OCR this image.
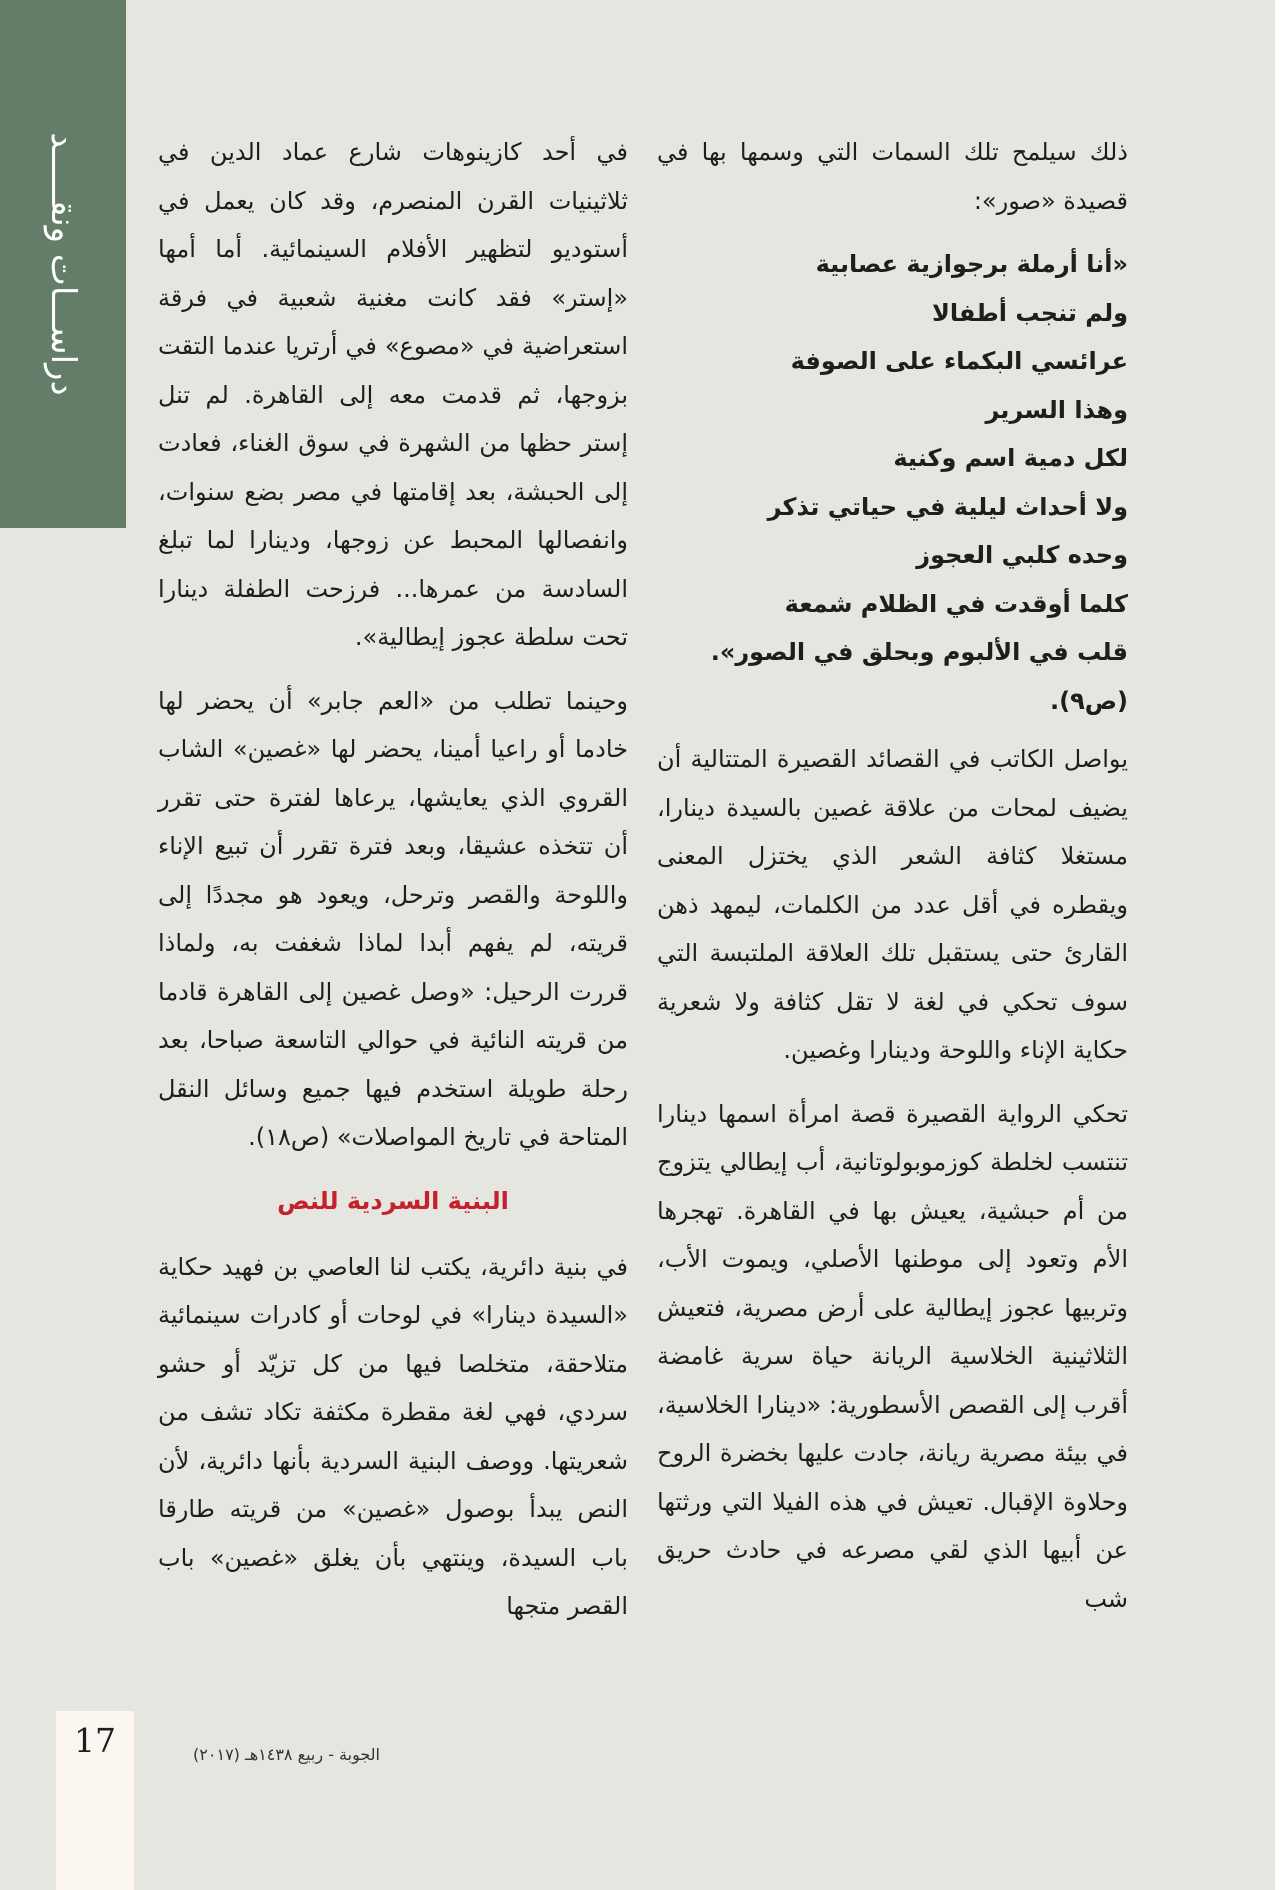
دراســـات ونقـــــد	ذلك سيلمح تلك السمات التي وسمها بها في قصيدة «صور»:

«أنا أرملة برجوازية عصابية
ولم تنجب أطفالا
عرائسي البكماء على الصوفة
وهذا السرير
لكل دمية اسم وكنية
ولا أحداث ليلية في حياتي تذكر
وحده كلبي العجوز
كلما أوقدت في الظلام شمعة
قلب في الألبوم وبحلق في الصور».
(ص٩).

يواصل الكاتب في القصائد القصيرة المتتالية أن يضيف لمحات من علاقة غصين بالسيدة دينارا، مستغلا كثافة الشعر الذي يختزل المعنى ويقطره في أقل عدد من الكلمات، ليمهد ذهن القارئ حتى يستقبل تلك العلاقة الملتبسة التي سوف تحكي في لغة لا تقل كثافة ولا شعرية حكاية الإناء واللوحة ودينارا وغصين.

تحكي الرواية القصيرة قصة امرأة اسمها دينارا تنتسب لخلطة كوزموبولوتانية، أب إيطالي يتزوج من أم حبشية، يعيش بها في القاهرة. تهجرها الأم وتعود إلى موطنها الأصلي، ويموت الأب، وتربيها عجوز إيطالية على أرض مصرية، فتعيش الثلاثينية الخلاسية الريانة حياة سرية غامضة أقرب إلى القصص الأسطورية: «دينارا الخلاسية، في بيئة مصرية ريانة، جادت عليها بخضرة الروح وحلاوة الإقبال. تعيش في هذه الفيلا التي ورثتها عن أبيها الذي لقي مصرعه في حادث حريق شب

في أحد كازينوهات شارع عماد الدين في ثلاثينيات القرن المنصرم، وقد كان يعمل في أستوديو لتظهير الأفلام السينمائية. أما أمها «إستر» فقد كانت مغنية شعبية في فرقة استعراضية في «مصوع» في أرتريا عندما التقت بزوجها، ثم قدمت معه إلى القاهرة. لم تنل إستر حظها من الشهرة في سوق الغناء، فعادت إلى الحبشة، بعد إقامتها في مصر بضع سنوات، وانفصالها المحبط عن زوجها، ودينارا لما تبلغ السادسة من عمرها... فرزحت الطفلة دينارا تحت سلطة عجوز إيطالية».

وحينما تطلب من «العم جابر» أن يحضر لها خادما أو راعيا أمينا، يحضر لها «غصين» الشاب القروي الذي يعايشها، يرعاها لفترة حتى تقرر أن تتخذه عشيقا، وبعد فترة تقرر أن تبيع الإناء واللوحة والقصر وترحل، ويعود هو مجددًا إلى قريته، لم يفهم أبدا لماذا شغفت به، ولماذا قررت الرحيل: «وصل غصين إلى القاهرة قادما من قريته النائية في حوالي التاسعة صباحا، بعد رحلة طويلة استخدم فيها جميع وسائل النقل المتاحة في تاريخ المواصلات» (ص١٨).

البنية السردية للنص

في بنية دائرية، يكتب لنا العاصي بن فهيد حكاية «السيدة دينارا» في لوحات أو كادرات سينمائية متلاحقة، متخلصا فيها من كل تزيّد أو حشو سردي، فهي لغة مقطرة مكثفة تكاد تشف من شعريتها. ووصف البنية السردية بأنها دائرية، لأن النص يبدأ بوصول «غصين» من قريته طارقا باب السيدة، وينتهي بأن يغلق «غصين» باب القصر متجها

17	الجوبة - ربيع ١٤٣٨هـ (٢٠١٧)
